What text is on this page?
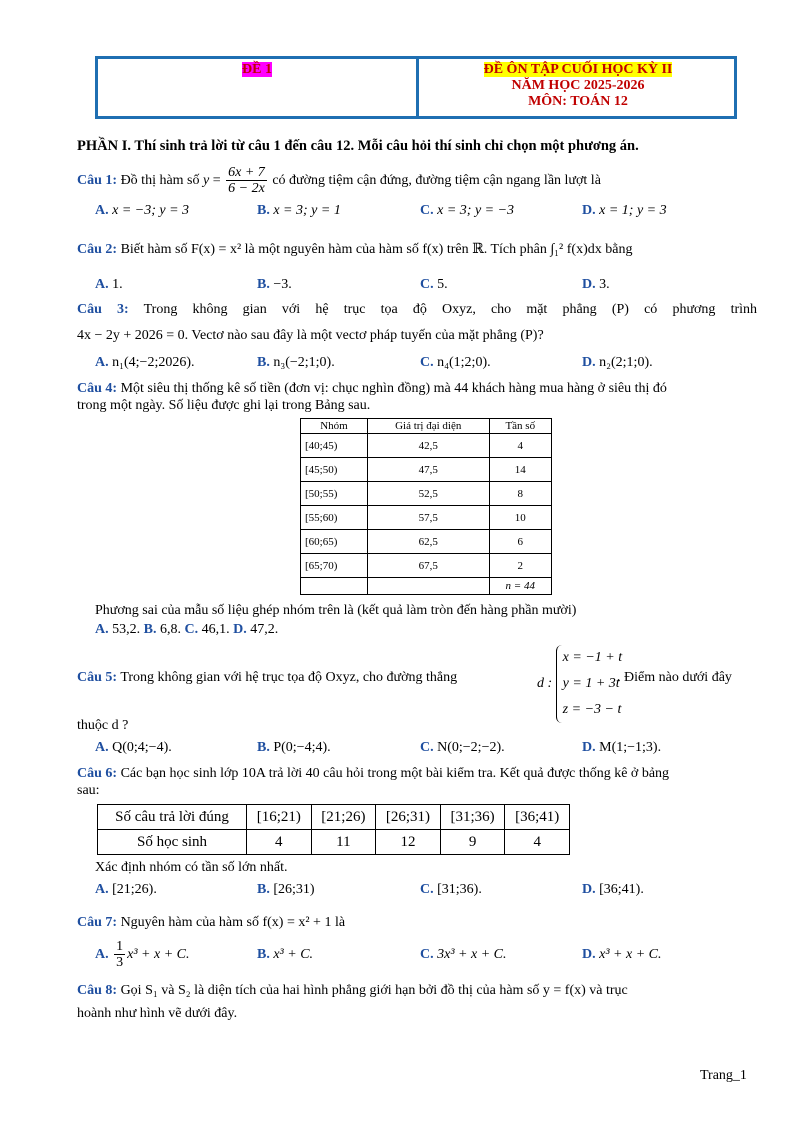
ĐỀ 1	ĐỀ ÔN TẬP CUỐI HỌC KỲ II
NĂM HỌC 2025-2026
MÔN: TOÁN 12
PHẦN I. Thí sinh trả lời từ câu 1 đến câu 12. Mỗi câu hỏi thí sinh chỉ chọn một phương án.
Câu 1: Đồ thị hàm số $y = \frac{6x + 7}{6 - 2x}$ có đường tiệm cận đứng, đường tiệm cận ngang lần lượt là
A. x = −3; y = 3	B. x = 3; y = 1	C. x = 3; y = −3	D. x = 1; y = 3
Câu 2: Biết hàm số F(x) = x² là một nguyên hàm của hàm số f(x) trên ℝ. Tích phân ∫₁² f(x)dx bằng
A. 1.	B. −3.	C. 5.	D. 3.
Câu 3: Trong không gian với hệ trục tọa độ Oxyz, cho mặt phẳng (P) có phương trình
4x − 2y + 2026 = 0. Vectơ nào sau đây là một vectơ pháp tuyến của mặt phẳng (P)?
A. n₁(4;−2;2026).	B. n₃(−2;1;0).	C. n₄(1;2;0).	D. n₂(2;1;0).
Câu 4: Một siêu thị thống kê số tiền (đơn vị: chục nghìn đồng) mà 44 khách hàng mua hàng ở siêu thị đó
trong một ngày. Số liệu được ghi lại trong Bảng sau.
Nhóm	Giá trị đại diện	Tần số
[40;45)	42,5	4
[45;50)	47,5	14
[50;55)	52,5	8
[55;60)	57,5	10
[60;65)	62,5	6
[65;70)	67,5	2
		n = 44
Phương sai của mẫu số liệu ghép nhóm trên là (kết quả làm tròn đến hàng phần mười)
A. 53,2. B. 6,8. C. 46,1. D. 47,2.
Câu 5: Trong không gian với hệ trục tọa độ Oxyz, cho đường thẳng	d : x = −1 + t
y = 1 + 3t
z = −3 − t
. Điểm nào dưới đây
thuộc d ?
A. Q(0;4;−4).	B. P(0;−4;4).	C. N(0;−2;−2).	D. M(1;−1;3).
Câu 6: Các bạn học sinh lớp 10A trả lời 40 câu hỏi trong một bài kiểm tra. Kết quả được thống kê ở bảng
sau:
Số câu trả lời đúng	[16;21)	[21;26)	[26;31)	[31;36)	[36;41)
Số học sinh	4	11	12	9	4
Xác định nhóm có tần số lớn nhất.
A. [21;26).	B. [26;31)	C. [31;36).	D. [36;41).
Câu 7: Nguyên hàm của hàm số f(x) = x² + 1 là
A. $\frac{1}{3} x^3 + x + C$.	B. x³ + C.	C. 3x³ + x + C.	D. x³ + x + C.
Câu 8: Gọi S₁ và S₂ là diện tích của hai hình phẳng giới hạn bởi đồ thị của hàm số y = f(x) và trục
hoành như hình vẽ dưới đây.
Trang_1
